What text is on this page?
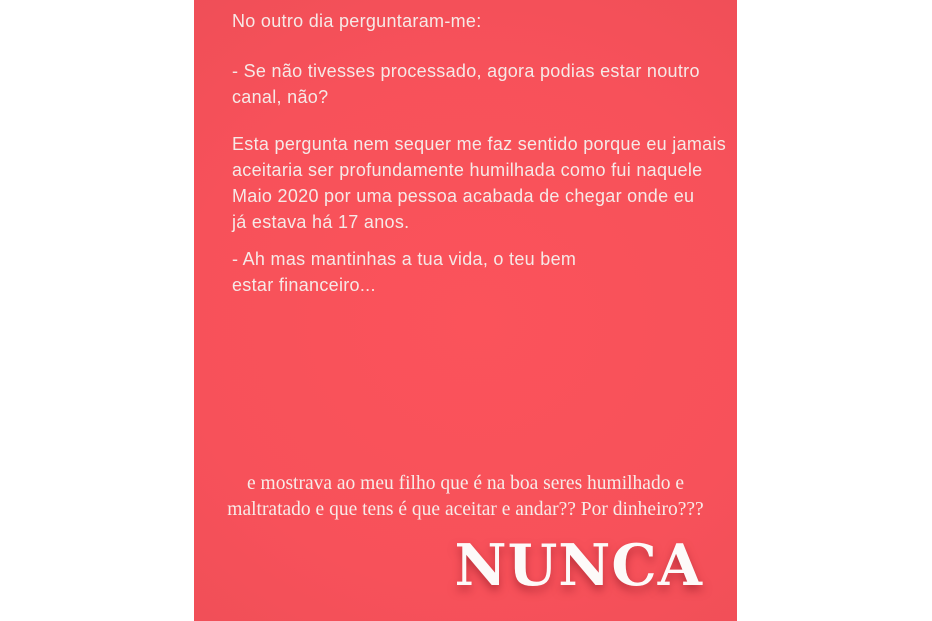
No outro dia perguntaram-me:
- Se não tivesses processado, agora podias estar noutro
canal, não?
Esta pergunta nem sequer me faz sentido porque eu jamais
aceitaria ser profundamente humilhada como fui naquele
Maio 2020 por uma pessoa acabada de chegar onde eu
já estava há 17 anos.
- Ah mas mantinhas a tua vida, o teu bem
estar financeiro...
e mostrava ao meu filho que é na boa seres humilhado e
maltratado e que tens é que aceitar e andar?? Por dinheiro???
NUNCA
